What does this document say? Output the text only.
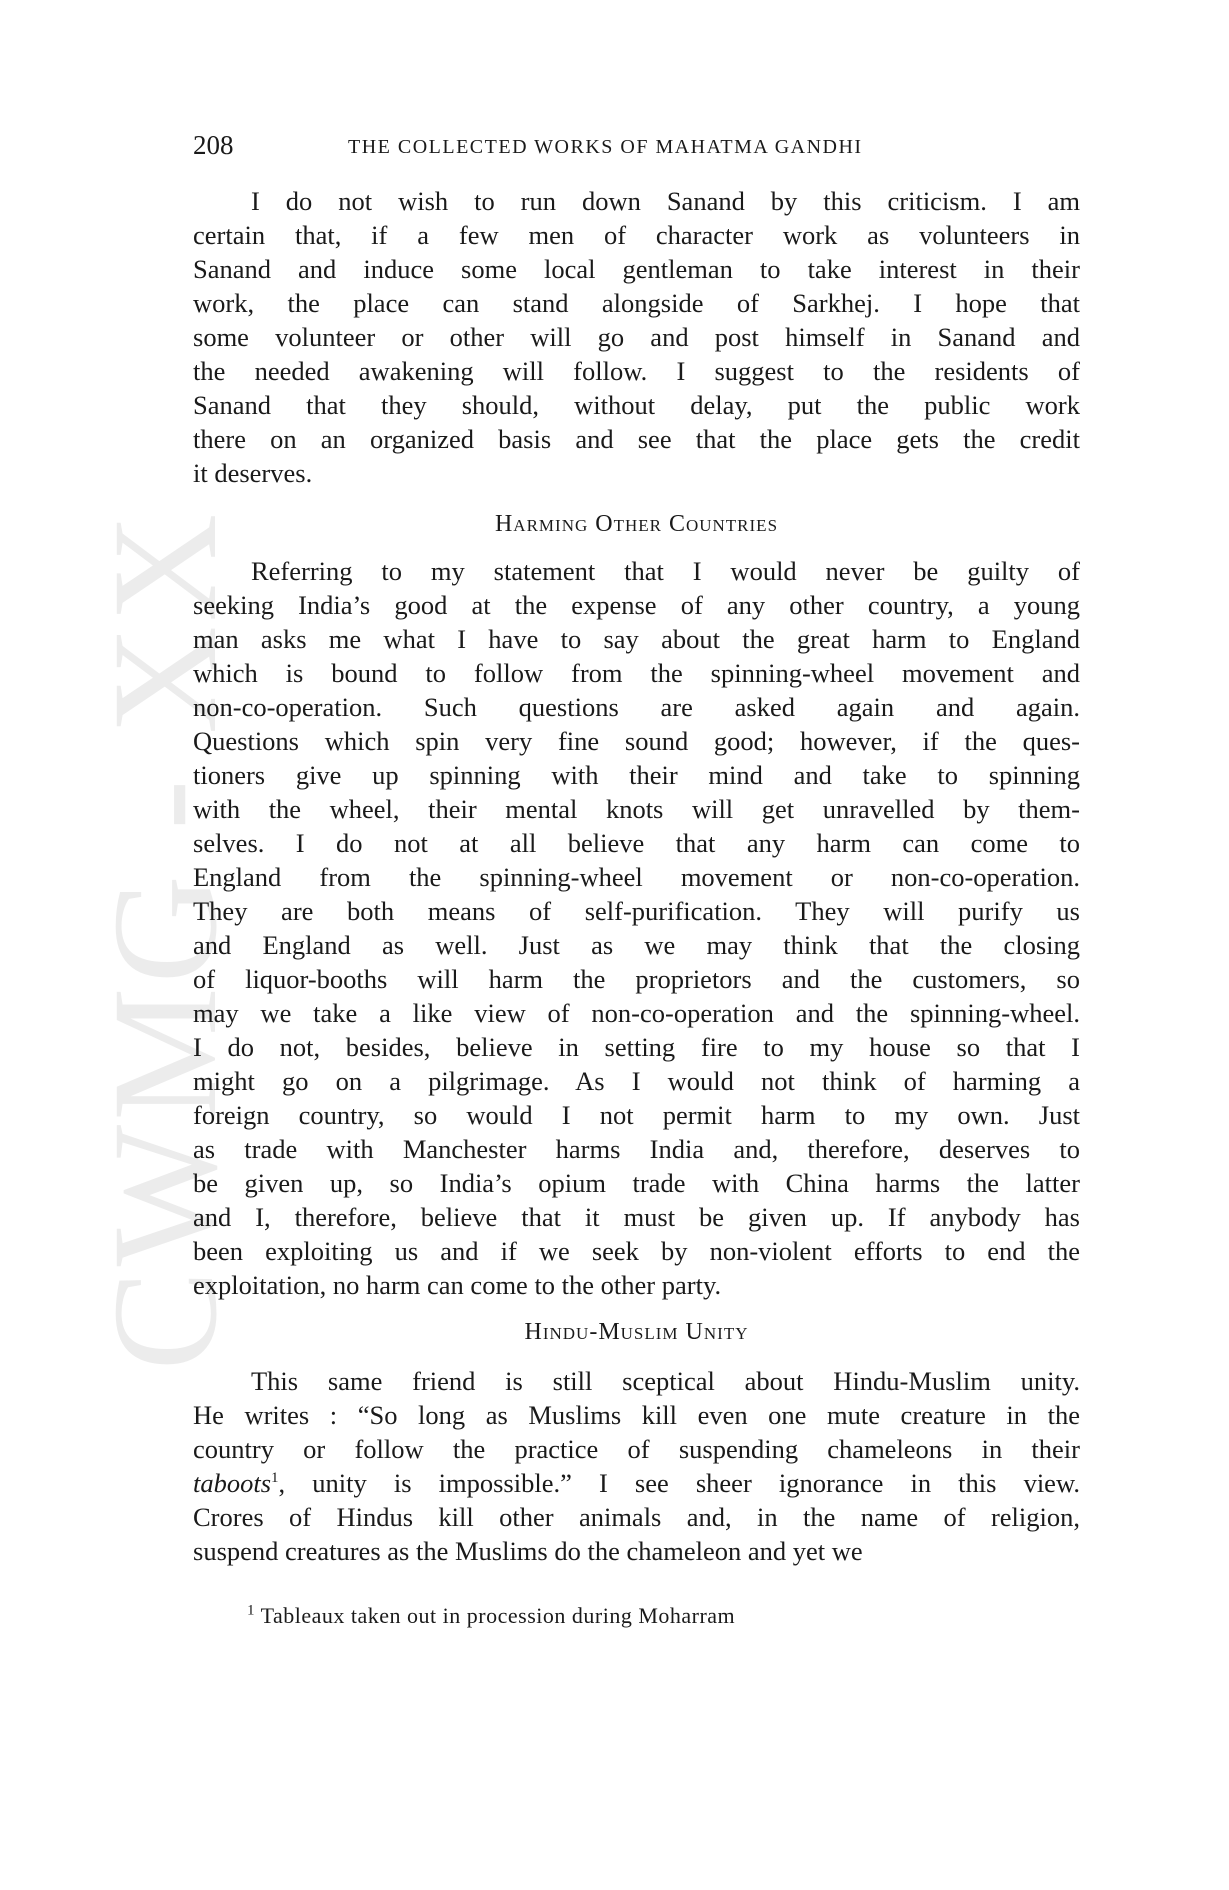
CWMG - XX
208	THE COLLECTED WORKS OF MAHATMA GANDHI
I do not wish to run down Sanand by this criticism. I am
certain that, if a few men of character work as volunteers in
Sanand and induce some local gentleman to take interest in their
work, the place can stand alongside of Sarkhej. I hope that
some volunteer or other will go and post himself in Sanand and
the needed awakening will follow. I suggest to the residents of
Sanand that they should, without delay, put the public work
there on an organized basis and see that the place gets the credit
it deserves.
Harming Other Countries
Referring to my statement that I would never be guilty of
seeking India’s good at the expense of any other country, a young
man asks me what I have to say about the great harm to England
which is bound to follow from the spinning-wheel movement and
non-co-operation. Such questions are asked again and again.
Questions which spin very fine sound good; however, if the ques-
tioners give up spinning with their mind and take to spinning
with the wheel, their mental knots will get unravelled by them-
selves. I do not at all believe that any harm can come to
England from the spinning-wheel movement or non-co-operation.
They are both means of self-purification. They will purify us
and England as well. Just as we may think that the closing
of liquor-booths will harm the proprietors and the customers, so
may we take a like view of non-co-operation and the spinning-wheel.
I do not, besides, believe in setting fire to my house so that I
might go on a pilgrimage. As I would not think of harming a
foreign country, so would I not permit harm to my own. Just
as trade with Manchester harms India and, therefore, deserves to
be given up, so India’s opium trade with China harms the latter
and I, therefore, believe that it must be given up. If anybody has
been exploiting us and if we seek by non-violent efforts to end the
exploitation, no harm can come to the other party.
Hindu-Muslim Unity
This same friend is still sceptical about Hindu-Muslim unity.
He writes : “So long as Muslims kill even one mute creature in the
country or follow the practice of suspending chameleons in their
taboots$^1$, unity is impossible.” I see sheer ignorance in this view.
Crores of Hindus kill other animals and, in the name of religion,
suspend creatures as the Muslims do the chameleon and yet we
$^1$ Tableaux taken out in procession during Moharram
